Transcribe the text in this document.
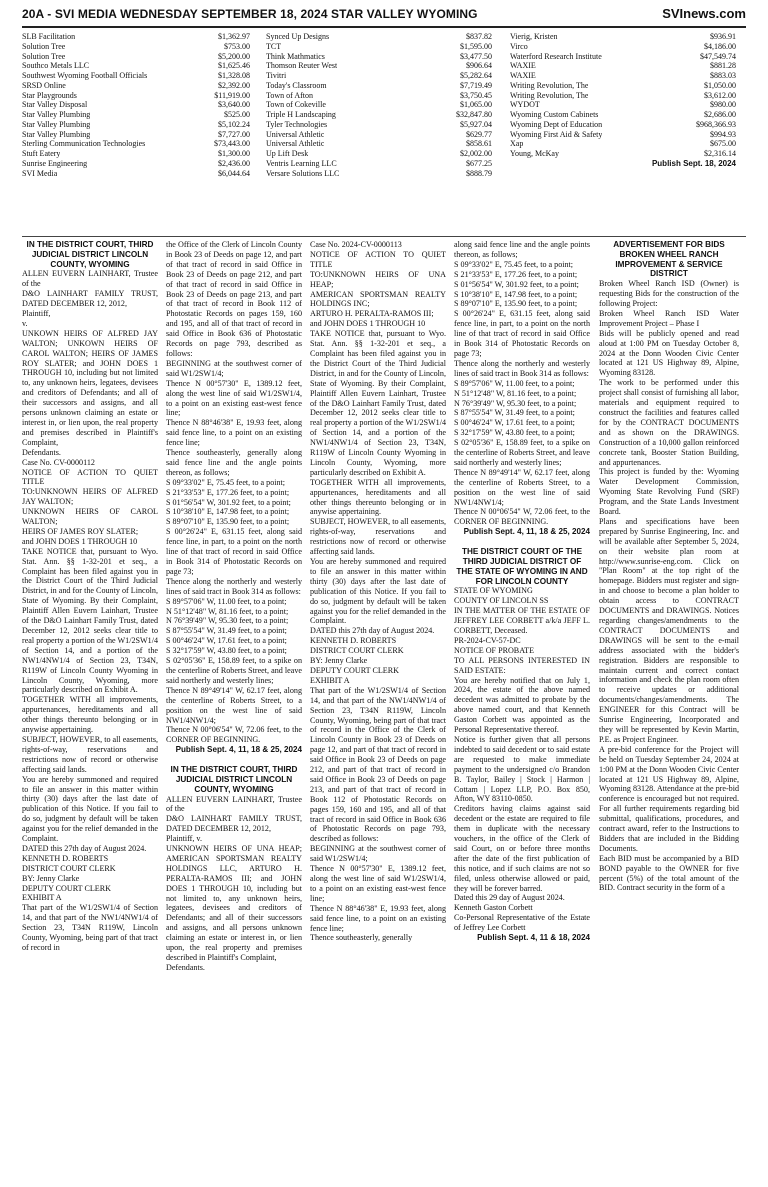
20A - SVI MEDIA WEDNESDAY SEPTEMBER 18, 2024 STAR VALLEY WYOMING	SVInews.com
SLB Facilitation	$1,362.97
Solution Tree	$753.00
Solution Tree	$5,200.00
Southco Metals LLC	$1,625.46
Southwest Wyoming Football Officials	$1,328.08
SRSD Online	$2,392.00
Star Playgrounds	$11,919.00
Star Valley Disposal	$3,640.00
Star Valley Plumbing	$525.00
Star Valley Plumbing	$5,102.24
Star Valley Plumbing	$7,727.00
Sterling Communication Technologies	$73,443.00
Stuft Eatery	$1,300.00
Sunrise Engineering	$2,436.00
SVI Media	$6,044.64
Synced Up Designs	$837.82
TCT	$1,595.00
Think Mathmatics	$3,477.50
Thomson Reuter West	$906.64
Tivitri	$5,282.64
Today's Classroom	$7,719.49
Town of Afton	$3,750.45
Town of Cokeville	$1,065.00
Triple H Landscaping	$32,847.80
Tyler Technologies	$5,927.04
Universal Athletic	$629.77
Universal Athletic	$858.61
Up Lift Desk	$2,002.00
Ventris Learning LLC	$677.25
Versare Solutions LLC	$888.79
Vierig, Kristen	$936.91
Virco	$4,186.00
Waterford Research Institute	$47,549.74
WAXIE	$881.28
WAXIE	$883.03
Writing Revolution, The	$1,050.00
Writing Revolution, The	$3,612.00
WYDOT	$980.00
Wyoming Custom Cabinets	$2,686.00
Wyoming Dept of Education	$968,366.93
Wyoming First Aid & Safety	$994.93
Xap	$675.00
Young, McKay	$2,316.14
Publish Sept. 18, 2024

IN THE DISTRICT COURT, THIRD JUDICIAL DISTRICT LINCOLN COUNTY, WYOMING

ALLEN EUVERN LAINHART, Trustee of the

D&O LAINHART FAMILY TRUST, DATED DECEMBER 12, 2012,

Plaintiff,

v.

UNKOWN HEIRS OF ALFRED JAY WALTON; UNKOWN HEIRS OF CAROL WALTON; HEIRS OF JAMES ROY SLATER; and JOHN DOES 1 THROUGH 10, including but not limited to, any unknown heirs, legatees, devisees and creditors of Defendants; and all of their successors and assigns, and all persons unknown claiming an estate or interest in, or lien upon, the real property and premises described in Plaintiff's Complaint,

Defendants.

Case No. CV-0000112

NOTICE OF ACTION TO QUIET TITLE

TO:UNKNOWN HEIRS OF ALFRED JAY WALTON;

UNKNOWN HEIRS OF CAROL WALTON;

HEIRS OF JAMES ROY SLATER;

and JOHN DOES 1 THROUGH 10

TAKE NOTICE that, pursuant to Wyo. Stat. Ann. §§ 1-32-201 et seq., a Complaint has been filed against you in the District Court of the Third Judicial District, in and for the County of Lincoln, State of Wyoming. By their Complaint, Plaintiff Allen Euvern Lainhart, Trustee of the D&O Lainhart Family Trust, dated December 12, 2012 seeks clear title to real property a portion of the W1/2SW1/4 of Section 14, and a portion of the NW1/4NW1/4 of Section 23, T34N, R119W of Lincoln County Wyoming in Lincoln County, Wyoming, more particularly described on Exhibit A.

TOGETHER WITH all improvements, appurtenances, hereditaments and all other things thereunto belonging or in anywise appertaining.

SUBJECT, HOWEVER, to all easements, rights-of-way, reservations and restrictions now of record or otherwise affecting said lands.

You are hereby summoned and required to file an answer in this matter within thirty (30) days after the last date of publication of this Notice. If you fail to do so, judgment by default will be taken against you for the relief demanded in the Complaint.

DATED this 27th day of August 2024.

KENNETH D. ROBERTS

DISTRICT COURT CLERK

BY: Jenny Clarke

DEPUTY COURT CLERK

EXHIBIT A

That part of the W1/2SW1/4 of Section 14, and that part of the NW1/4NW1/4 of Section 23, T34N R119W, Lincoln County, Wyoming, being part of that tract of record in

the Office of the Clerk of Lincoln County in Book 23 of Deeds on page 12, and part of that tract of record in said Office in Book 23 of Deeds on page 212, and part of that tract of record in said Office in Book 23 of Deeds on page 213, and part of that tract of record in Book 112 of Photostatic Records on pages 159, 160 and 195, and all of that tract of record in said Office in Book 636 of Photostatic Records on page 793, described as follows:

BEGINNING at the southwest corner of said W1/2SW1/4;

Thence N 00°57'30" E, 1389.12 feet, along the west line of said W1/2SW1/4, to a point on an existing east-west fence line;

Thence N 88°46'38" E, 19.93 feet, along said fence line, to a point on an existing fence line;

Thence southeasterly, generally along said fence line and the angle points thereon, as follows;

S 09°33'02" E, 75.45 feet, to a point;

S 21°33'53" E, 177.26 feet, to a point;

S 01°56'54" W, 301.92 feet, to a point;

S 10°38'10" E, 147.98 feet, to a point;

S 89°07'10" E, 135.90 feet, to a point;

S 00°26'24" E, 631.15 feet, along said fence line, in part, to a point on the north line of that tract of record in said Office in Book 314 of Photostatic Records on page 73;

Thence along the northerly and westerly lines of said tract in Book 314 as follows:

S 89°57'06" W, 11.00 feet, to a point;

N 51°12'48" W, 81.16 feet, to a point;

N 76°39'49" W, 95.30 feet, to a point;

S 87°55'54" W, 31.49 feet, to a point;

S 00°46'24" W, 17.61 feet, to a point;

S 32°17'59" W, 43.80 feet, to a point;

S 02°05'36" E, 158.89 feet, to a spike on the centerline of Roberts Street, and leave said northerly and westerly lines;

Thence N 89°49'14" W, 62.17 feet, along the centerline of Roberts Street, to a position on the west line of said NW1/4NW1/4;

Thence N 00°06'54" W, 72.06 feet, to the CORNER OF BEGINNING.

Publish Sept. 4, 11, 18 & 25, 2024

IN THE DISTRICT COURT, THIRD JUDICIAL DISTRICT LINCOLN COUNTY, WYOMING

ALLEN EUVERN LAINHART, Trustee of the

D&O LAINHART FAMILY TRUST, DATED DECEMBER 12, 2012,

Plaintiff, v.

UNKNOWN HEIRS OF UNA HEAP; AMERICAN SPORTSMAN REALTY HOLDINGS LLC, ARTURO H. PERALTA-RAMOS III; and JOHN DOES 1 THROUGH 10, including but not limited to, any unknown heirs, legatees, devisees and creditors of Defendants; and all of their successors and assigns, and all persons unknown claiming an estate or interest in, or lien upon, the real property and premises described in Plaintiff's Complaint,

Defendants.

Case No. 2024-CV-0000113

NOTICE OF ACTION TO QUIET TITLE

TO:UNKNOWN HEIRS OF UNA HEAP;

AMERICAN SPORTSMAN REALTY HOLDINGS INC;

ARTURO H. PERALTA-RAMOS III;

and JOHN DOES 1 THROUGH 10

TAKE NOTICE that, pursuant to Wyo. Stat. Ann. §§ 1-32-201 et seq., a Complaint has been filed against you in the District Court of the Third Judicial District, in and for the County of Lincoln, State of Wyoming. By their Complaint, Plaintiff Allen Euvern Lainhart, Trustee of the D&O Lainhart Family Trust, dated December 12, 2012 seeks clear title to real property a portion of the W1/2SW1/4 of Section 14, and a portion of the NW1/4NW1/4 of Section 23, T34N, R119W of Lincoln County Wyoming in Lincoln County, Wyoming, more particularly described on Exhibit A.

TOGETHER WITH all improvements, appurtenances, hereditaments and all other things thereunto belonging or in anywise appertaining.

SUBJECT, HOWEVER, to all easements, rights-of-way, reservations and restrictions now of record or otherwise affecting said lands.

You are hereby summoned and required to file an answer in this matter within thirty (30) days after the last date of publication of this Notice. If you fail to do so, judgment by default will be taken against you for the relief demanded in the Complaint.

DATED this 27th day of August 2024.

KENNETH D. ROBERTS

DISTRICT COURT CLERK

BY: Jenny Clarke

DEPUTY COURT CLERK

EXHIBIT A

That part of the W1/2SW1/4 of Section 14, and that part of the NW1/4NW1/4 of Section 23, T34N R119W, Lincoln County, Wyoming, being part of that tract of record in the Office of the Clerk of Lincoln County in Book 23 of Deeds on page 12, and part of that tract of record in said Office in Book 23 of Deeds on page 212, and part of that tract of record in said Office in Book 23 of Deeds on page 213, and part of that tract of record in Book 112 of Photostatic Records on pages 159, 160 and 195, and all of that tract of record in said Office in Book 636 of Photostatic Records on page 793, described as follows:

BEGINNING at the southwest corner of said W1/2SW1/4;

Thence N 00°57'30" E, 1389.12 feet, along the west line of said W1/2SW1/4, to a point on an existing east-west fence line;

Thence N 88°46'38" E, 19.93 feet, along said fence line, to a point on an existing fence line;

Thence southeasterly, generally

along said fence line and the angle points thereon, as follows;

S 09°33'02" E, 75.45 feet, to a point;

S 21°33'53" E, 177.26 feet, to a point;

S 01°56'54" W, 301.92 feet, to a point;

S 10°38'10" E, 147.98 feet, to a point;

S 89°07'10" E, 135.90 feet, to a point;

S 00°26'24" E, 631.15 feet, along said fence line, in part, to a point on the north line of that tract of record in said Office in Book 314 of Photostatic Records on page 73;

Thence along the northerly and westerly lines of said tract in Book 314 as follows:

S 89°57'06" W, 11.00 feet, to a point;

N 51°12'48" W, 81.16 feet, to a point;

N 76°39'49" W, 95.30 feet, to a point;

S 87°55'54" W, 31.49 feet, to a point;

S 00°46'24" W, 17.61 feet, to a point;

S 32°17'59" W, 43.80 feet, to a point;

S 02°05'36" E, 158.89 feet, to a spike on the centerline of Roberts Street, and leave said northerly and westerly lines;

Thence N 89°49'14" W, 62.17 feet, along the centerline of Roberts Street, to a position on the west line of said NW1/4NW1/4;

Thence N 00°06'54" W, 72.06 feet, to the CORNER OF BEGINNING.

Publish Sept. 4, 11, 18 & 25, 2024

THE DISTRICT COURT OF THE THIRD JUDICIAL DISTRICT OF THE STATE OF WYOMING IN AND FOR LINCOLN COUNTY

STATE OF WYOMING

COUNTY OF LINCOLN SS

IN THE MATTER OF THE ESTATE OF JEFFREY LEE CORBETT a/k/a JEFF L. CORBETT, Deceased.

PR-2024-CV-57-DC

NOTICE OF PROBATE

TO ALL PERSONS INTERESTED IN SAID ESTATE:

You are hereby notified that on July 1, 2024, the estate of the above named decedent was admitted to probate by the above named court, and that Kenneth Gaston Corbett was appointed as the Personal Representative thereof.

Notice is further given that all persons indebted to said decedent or to said estate are requested to make immediate payment to the undersigned c/o Brandon B. Taylor, Bailey | Stock | Harmon | Cottam | Lopez LLP, P.O. Box 850, Afton, WY 83110-0850.

Creditors having claims against said decedent or the estate are required to file them in duplicate with the necessary vouchers, in the office of the Clerk of said Court, on or before three months after the date of the first publication of this notice, and if such claims are not so filed, unless otherwise allowed or paid, they will be forever barred.

Dated this 29 day of August 2024.

Kenneth Gaston Corbett

Co-Personal Representative of the Estate of Jeffrey Lee Corbett

Publish Sept. 4, 11 & 18, 2024

ADVERTISEMENT FOR BIDS BROKEN WHEEL RANCH IMPROVEMENT & SERVICE DISTRICT

Broken Wheel Ranch ISD (Owner) is requesting Bids for the construction of the following Project:

Broken Wheel Ranch ISD Water Improvement Project – Phase I

Bids will be publicly opened and read aloud at 1:00 PM on Tuesday October 8, 2024 at the Donn Wooden Civic Center located at 121 US Highway 89, Alpine, Wyoming 83128.

The work to be performed under this project shall consist of furnishing all labor, materials and equipment required to construct the facilities and features called for by the CONTRACT DOCUMENTS and as shown on the DRAWINGS. Construction of a 10,000 gallon reinforced concrete tank, Booster Station Building, and appurtenances.

This project is funded by the: Wyoming Water Development Commission, Wyoming State Revolving Fund (SRF) Program, and the State Lands Investment Board.

Plans and specifications have been prepared by Sunrise Engineering, Inc. and will be available after September 5, 2024, on their website plan room at http://www.sunrise-eng.com. Click on "Plan Room" at the top right of the homepage. Bidders must register and sign-in and choose to become a plan holder to obtain access to CONTRACT DOCUMENTS and DRAWINGS. Notices regarding changes/amendments to the CONTRACT DOCUMENTS and DRAWINGS will be sent to the e-mail address associated with the bidder's registration. Bidders are responsible to maintain current and correct contact information and check the plan room often to receive updates or additional documents/changes/amendments. The ENGINEER for this Contract will be Sunrise Engineering, Incorporated and they will be represented by Kevin Martin, P.E. as Project Engineer.

A pre-bid conference for the Project will be held on Tuesday September 24, 2024 at 1:00 PM at the Donn Wooden Civic Center located at 121 US Highway 89, Alpine, Wyoming 83128. Attendance at the pre-bid conference is encouraged but not required. For all further requirements regarding bid submittal, qualifications, procedures, and contract award, refer to the Instructions to Bidders that are included in the Bidding Documents.

Each BID must be accompanied by a BID BOND payable to the OWNER for five percent (5%) of the total amount of the BID. Contract security in the form of a
